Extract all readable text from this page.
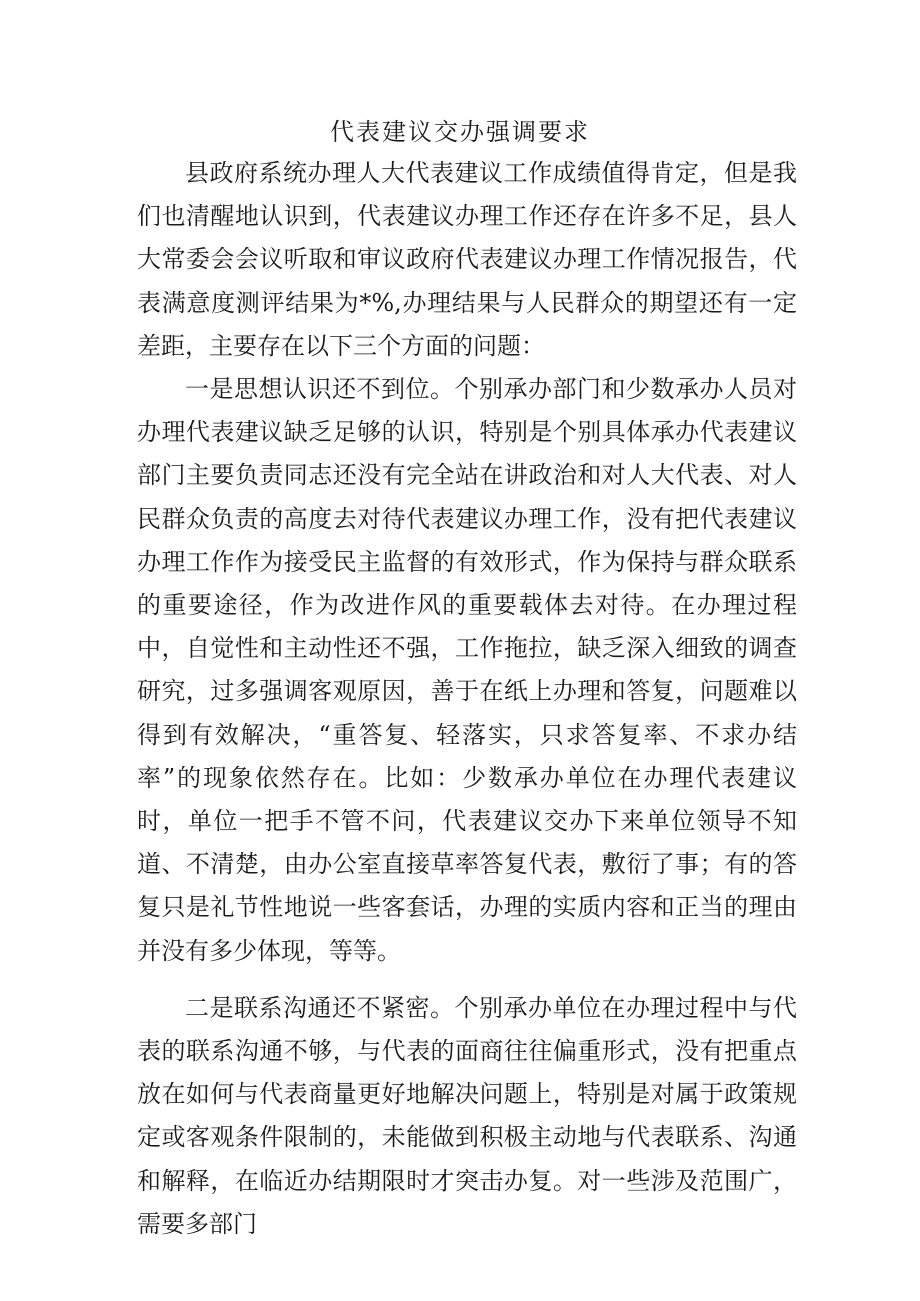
代表建议交办强调要求

县政府系统办理人大代表建议工作成绩值得肯定，但是我们也清醒地认识到，代表建议办理工作还存在许多不足，县人大常委会会议听取和审议政府代表建议办理工作情况报告，代表满意度测评结果为*%,办理结果与人民群众的期望还有一定差距，主要存在以下三个方面的问题：

一是思想认识还不到位。个别承办部门和少数承办人员对办理代表建议缺乏足够的认识，特别是个别具体承办代表建议部门主要负责同志还没有完全站在讲政治和对人大代表、对人民群众负责的高度去对待代表建议办理工作，没有把代表建议办理工作作为接受民主监督的有效形式，作为保持与群众联系的重要途径，作为改进作风的重要载体去对待。在办理过程中，自觉性和主动性还不强，工作拖拉，缺乏深入细致的调查研究，过多强调客观原因，善于在纸上办理和答复，问题难以得到有效解决，“重答复、轻落实，只求答复率、不求办结率”的现象依然存在。比如：少数承办单位在办理代表建议时，单位一把手不管不问，代表建议交办下来单位领导不知道、不清楚，由办公室直接草率答复代表，敷衍了事；有的答复只是礼节性地说一些客套话，办理的实质内容和正当的理由并没有多少体现，等等。

二是联系沟通还不紧密。个别承办单位在办理过程中与代表的联系沟通不够，与代表的面商往往偏重形式，没有把重点放在如何与代表商量更好地解决问题上，特别是对属于政策规定或客观条件限制的，未能做到积极主动地与代表联系、沟通和解释，在临近办结期限时才突击办复。对一些涉及范围广，需要多部门
